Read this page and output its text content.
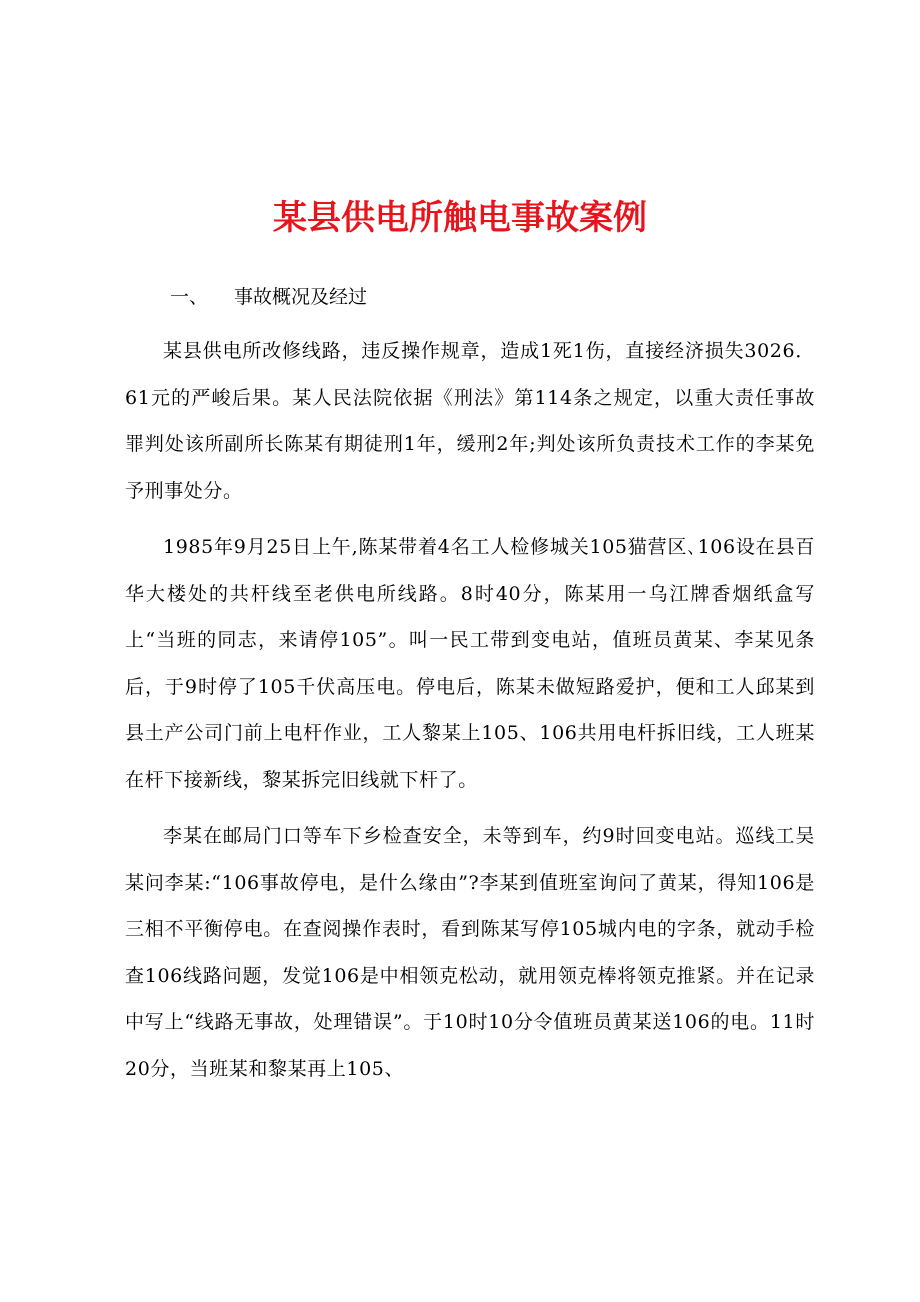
某县供电所触电事故案例
一、 事故概况及经过

某县供电所改修线路，违反操作规章，造成1死1伤，直接经济损失3026．61元的严峻后果。某人民法院依据《刑法》第114条之规定，以重大责任事故罪判处该所副所长陈某有期徒刑1年，缓刑2年;判处该所负责技术工作的李某免予刑事处分。

1985年9月25日上午,陈某带着4名工人检修城关105猫营区､106设在县百华大楼处的共杆线至老供电所线路。8时40分，陈某用一乌江牌香烟纸盒写上“当班的同志，来请停105”。叫一民工带到变电站，值班员黄某、李某见条后，于9时停了105千伏高压电。停电后，陈某未做短路爱护，便和工人邱某到县土产公司门前上电杆作业，工人黎某上105、106共用电杆拆旧线，工人班某在杆下接新线，黎某拆完旧线就下杆了。

李某在邮局门口等车下乡检查安全，未等到车，约9时回变电站。巡线工吴某问李某:“106事故停电，是什么缘由”?李某到值班室询问了黄某，得知106是三相不平衡停电。在查阅操作表时，看到陈某写停105城内电的字条，就动手检查106线路问题，发觉106是中相领克松动，就用领克棒将领克推紧。并在记录中写上“线路无事故，处理错误”。于10时10分令值班员黄某送106的电。11时20分，当班某和黎某再上105、
